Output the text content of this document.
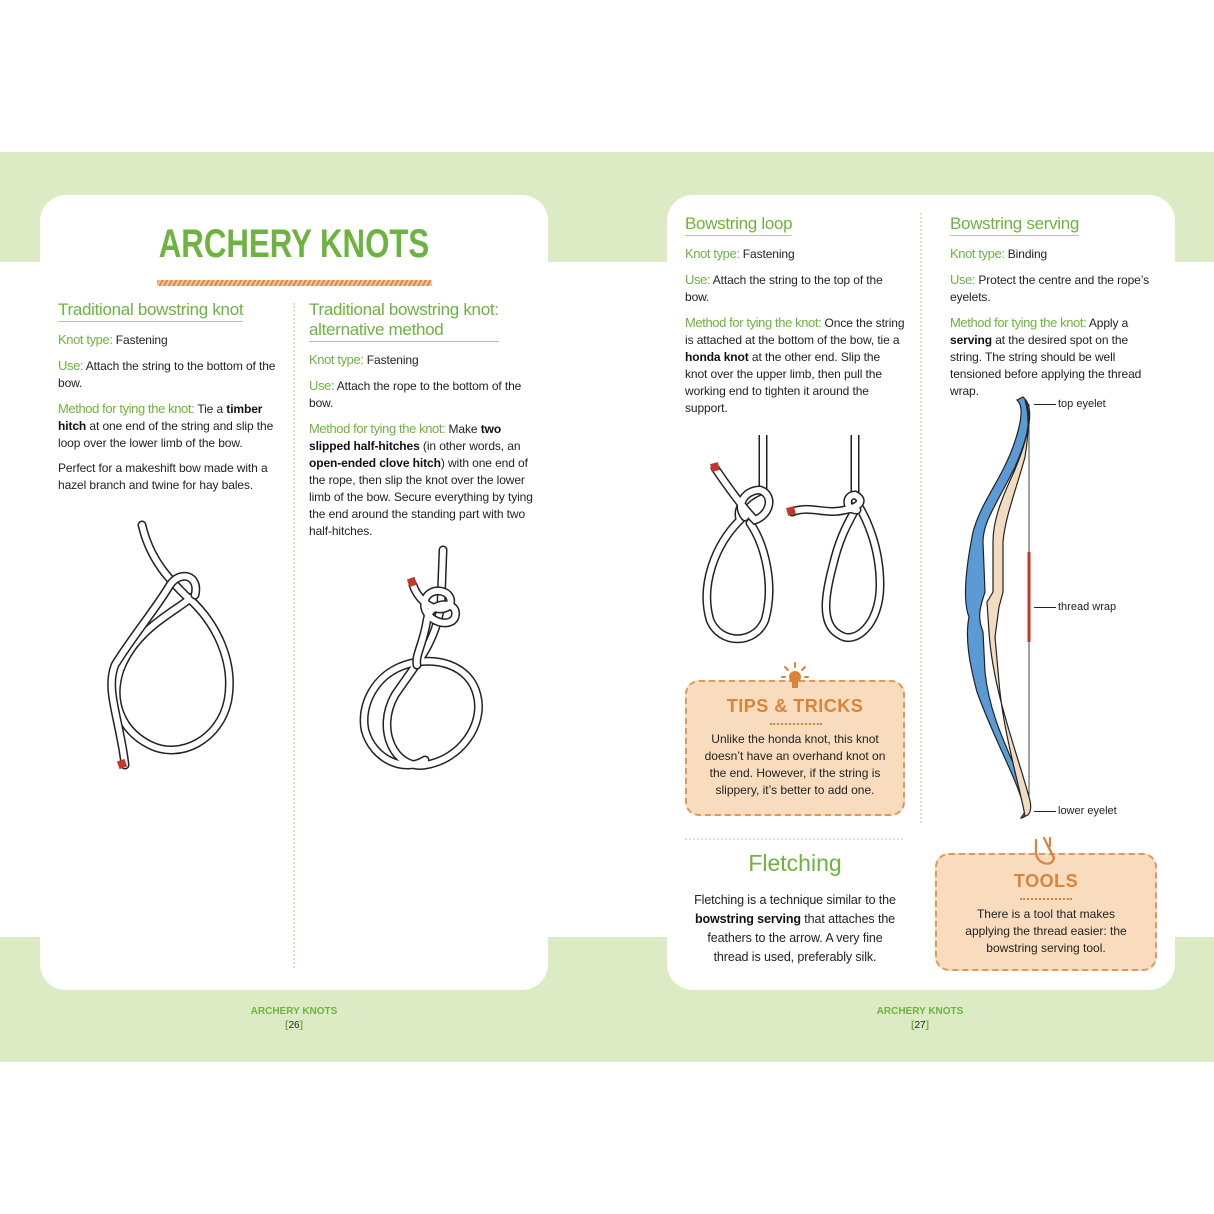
ARCHERY KNOTS
Traditional bowstring knot

Knot type: Fastening

Use: Attach the string to the bottom of the bow.

Method for tying the knot: Tie a timber hitch at one end of the string and slip the loop over the lower limb of the bow.

Perfect for a makeshift bow made with a hazel branch and twine for hay bales.

Traditional bowstring knot:
alternative method

Knot type: Fastening

Use: Attach the rope to the bottom of the bow.

Method for tying the knot: Make two slipped half-hitches (in other words, an open-ended clove hitch) with one end of the rope, then slip the knot over the lower limb of the bow. Secure everything by tying the end around the standing part with two half-hitches.

ARCHERY KNOTS
[26]
Bowstring loop

Knot type: Fastening

Use: Attach the string to the top of the bow.

Method for tying the knot: Once the string is attached at the bottom of the bow, tie a honda knot at the other end. Slip the knot over the upper limb, then pull the working end to tighten it around the support.

Bowstring serving

Knot type: Binding

Use: Protect the centre and the rope’s eyelets.

Method for tying the knot: Apply a serving at the desired spot on the string. The string should be well tensioned before applying the thread wrap.

TIPS & TRICKS
Unlike the honda knot, this knot doesn’t have an overhand knot on the end. However, if the string is slippery, it’s better to add one.
Fletching
Fletching is a technique similar to the bowstring serving that attaches the feathers to the arrow. A very fine thread is used, preferably silk.
top eyelet
thread wrap
lower eyelet
TOOLS
There is a tool that makes applying the thread easier: the bowstring serving tool.
ARCHERY KNOTS
[27]
